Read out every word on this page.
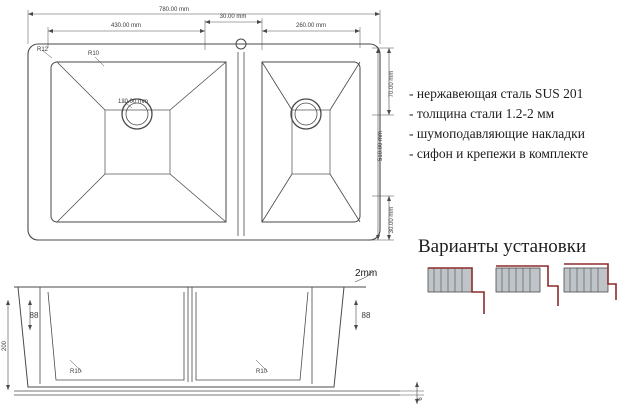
780.00 mm
430.00 mm
30.00 mm
260.00 mm
70.00 mm
510.00 mm
30.00 mm
120.00 mm
R12
R10
88	88
200
R10	R10
6
2mm
- нержавеющая сталь SUS 201
- толщина стали 1.2-2 мм
- шумоподавляющие накладки
- сифон и крепежи в комплекте
Варианты установки
